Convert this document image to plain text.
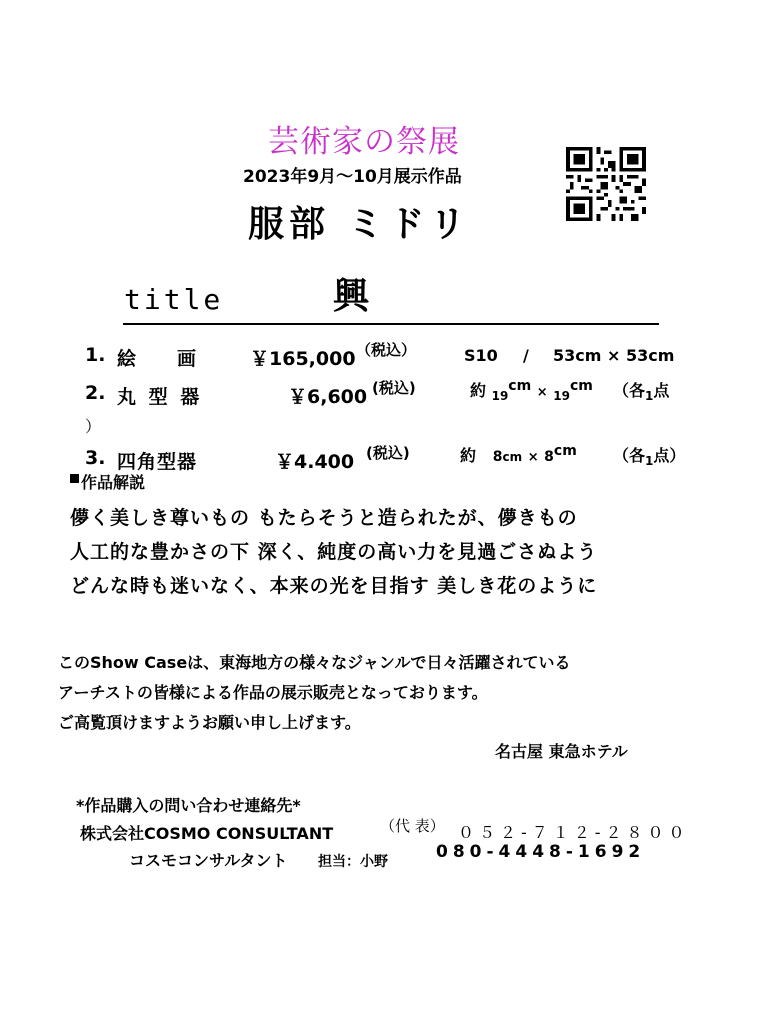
芸術家の祭展
2023年9月～10月展示作品
服部 ミドリ
title	興
1. 絵　　画	￥165,000 （税込）	S10 / 53cm × 53cm
2. 丸 型 器	￥6,600 (税込)	約 $_{19}$cm × $_{19}$cm （各$_1$点
）
3. 四角型器	￥4.400 (税込)	約 8cm × 8cm （各$_1$点）
作品解説
儚く美しき尊いもの もたらそうと造られたが、儚きもの
人工的な豊かさの下 深く、純度の高い力を見過ごさぬよう
どんな時も迷いなく、本来の光を目指す 美しき花のように
このShow Caseは、東海地方の様々なジャンルで日々活躍されている
アーチストの皆様による作品の展示販売となっております。
ご高覧頂けますようお願い申し上げます。
名古屋 東急ホテル
*作品購入の問い合わせ連絡先*
株式会社COSMO CONSULTANT	（代 表） ０５２-７１２-２８００
コスモコンサルタント 担当：小野	080-4448-1692
